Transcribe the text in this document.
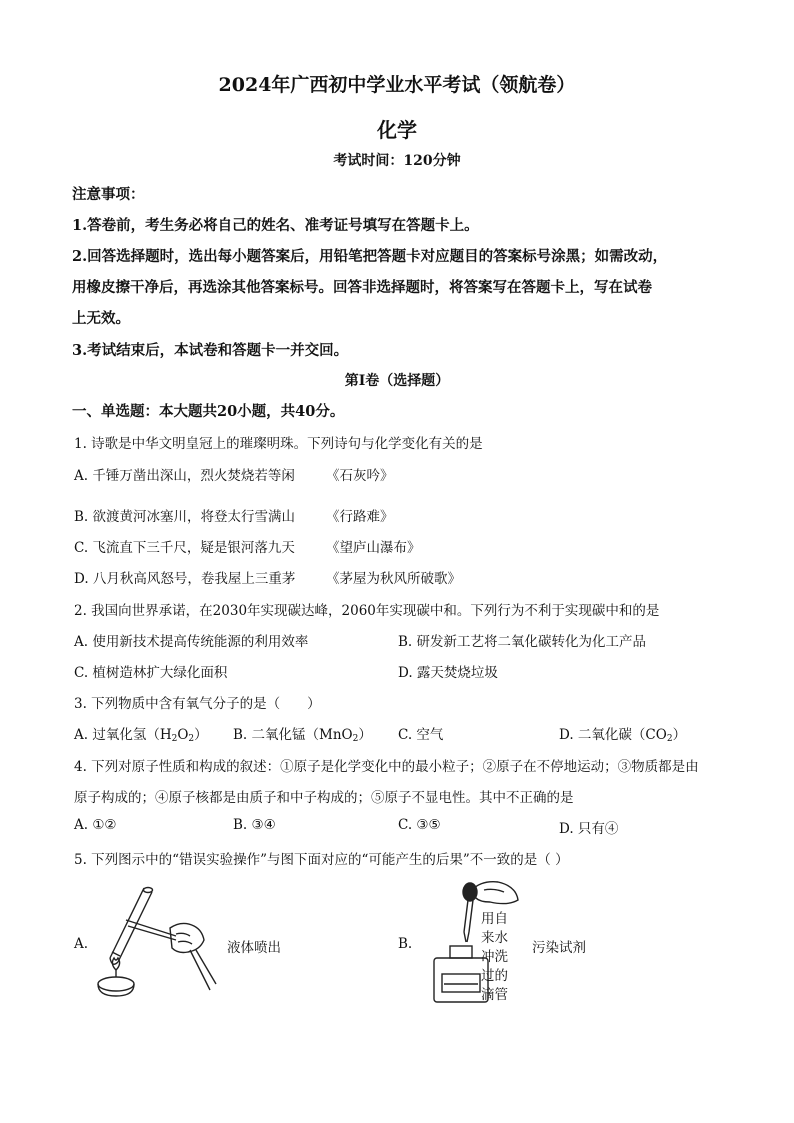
2024年广西初中学业水平考试（领航卷）
化学
考试时间：120分钟
注意事项：
1.答卷前，考生务必将自己的姓名、准考证号填写在答题卡上。
2.回答选择题时，选出每小题答案后，用铅笔把答题卡对应题目的答案标号涂黑；如需改动，
用橡皮擦干净后，再选涂其他答案标号。回答非选择题时，将答案写在答题卡上，写在试卷
上无效。
3.考试结束后，本试卷和答题卡一并交回。
第Ⅰ卷（选择题）
一、单选题：本大题共20小题，共40分。
1. 诗歌是中华文明皇冠上的璀璨明珠。下列诗句与化学变化有关的是
A. 千锤万凿出深山，烈火焚烧若等闲 《石灰吟》
B. 欲渡黄河冰塞川，将登太行雪满山 《行路难》
C. 飞流直下三千尺，疑是银河落九天 《望庐山瀑布》
D. 八月秋高风怒号，卷我屋上三重茅 《茅屋为秋风所破歌》
2. 我国向世界承诺，在2030年实现碳达峰，2060年实现碳中和。下列行为不利于实现碳中和的是
A. 使用新技术提高传统能源的利用效率	B. 研发新工艺将二氧化碳转化为化工产品
C. 植树造林扩大绿化面积	D. 露天焚烧垃圾
3. 下列物质中含有氧气分子的是（　　）
A. 过氧化氢$(H_2O_2)$ B. 二氧化锰（MnO$_2$） C. 空气	D. 二氧化碳$(CO_2)$
4. 下列对原子性质和构成的叙述：①原子是化学变化中的最小粒子；②原子在不停地运动；③物质都是由
原子构成的；④原子核都是由质子和中子构成的；⑤原子不显电性。其中不正确的是
A. ①②	B. ③④	C. ③⑤	D. 只有④
5. 下列图示中的“错误实验操作”与图下面对应的“可能产生的后果”不一致的是（ ）
A.	液体喷出	B.
用自
来水
冲洗
过的
滴管
污染试剂
